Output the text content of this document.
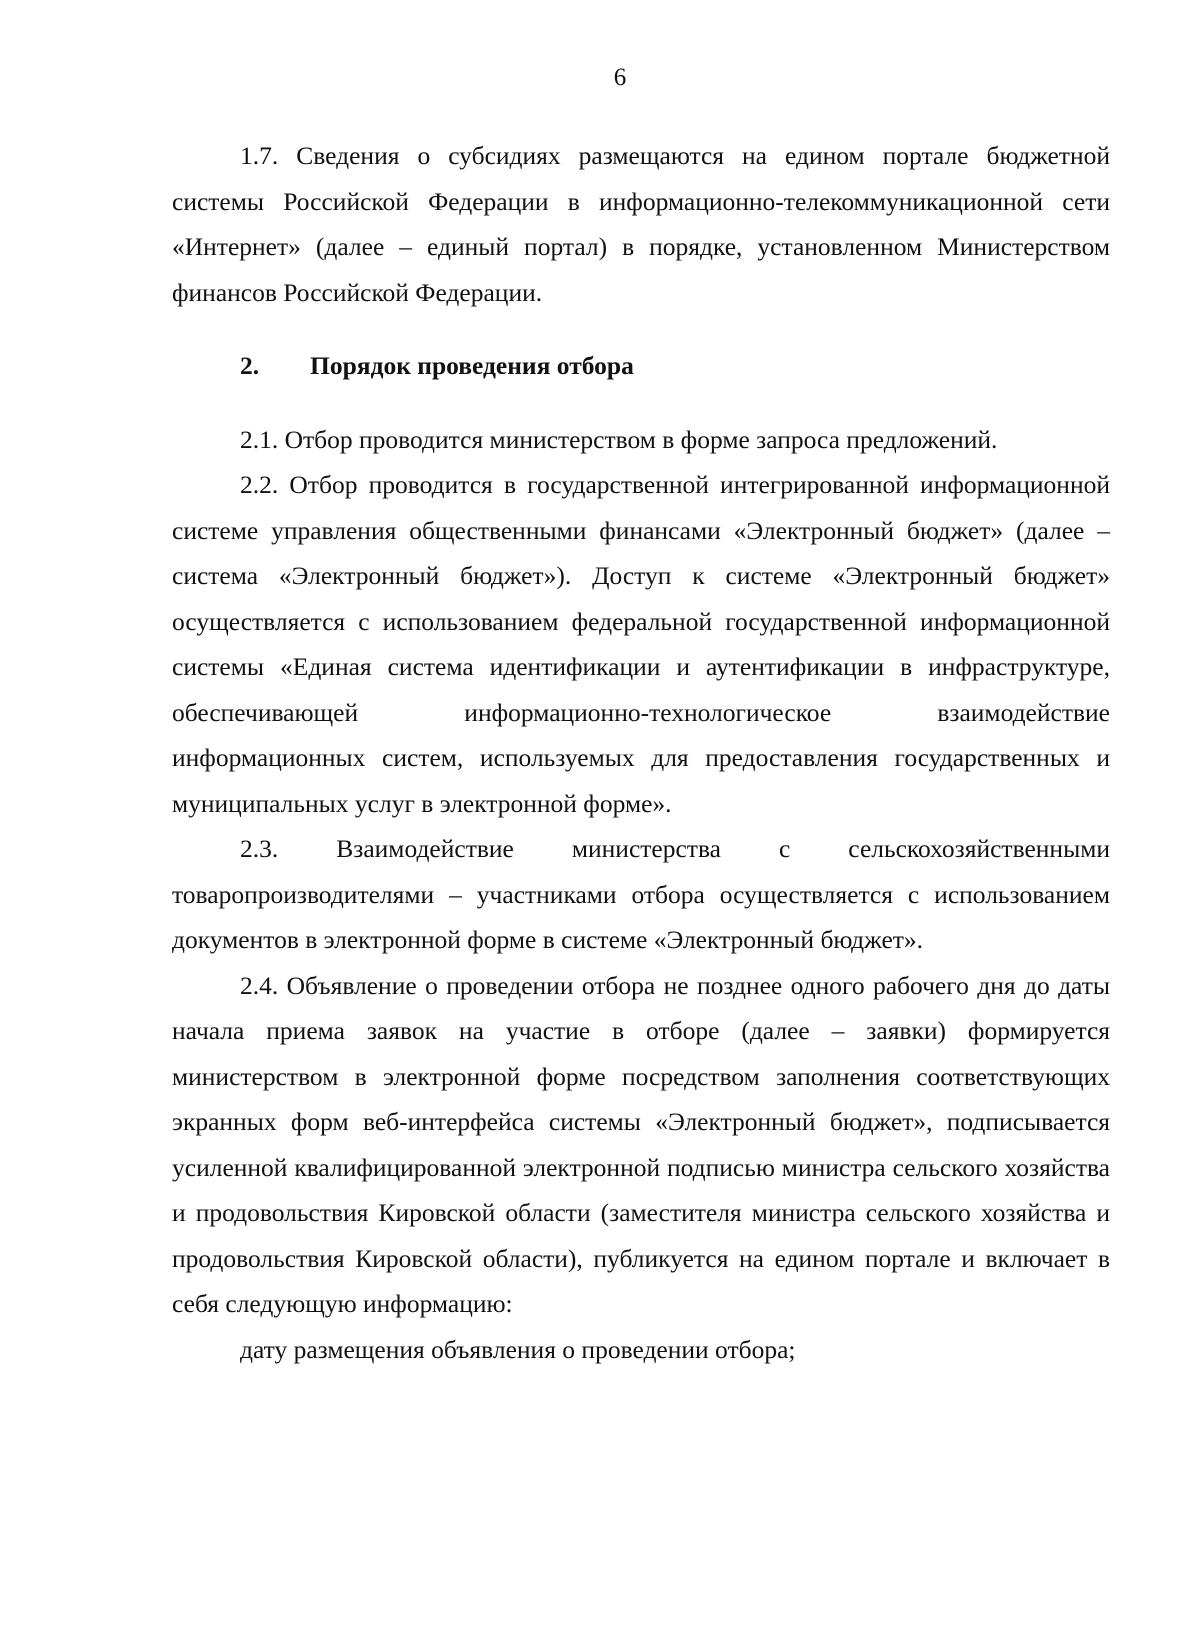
6

1.7. Сведения о субсидиях размещаются на едином портале бюджетной системы Российской Федерации в информационно-телекоммуникационной сети «Интернет» (далее – единый портал) в порядке, установленном Министерством финансов Российской Федерации.

2.	Порядок проведения отбора

2.1. Отбор проводится министерством в форме запроса предложений.

2.2. Отбор проводится в государственной интегрированной информационной системе управления общественными финансами «Электронный бюджет» (далее – система «Электронный бюджет»). Доступ к системе «Электронный бюджет» осуществляется с использованием федеральной государственной информационной системы «Единая система идентификации и аутентификации в инфраструктуре, обеспечивающей информационно-технологическое взаимодействие информационных систем, используемых для предоставления государственных и муниципальных услуг в электронной форме».

2.3. Взаимодействие министерства с сельскохозяйственными товаропроизводителями – участниками отбора осуществляется с использованием документов в электронной форме в системе «Электронный бюджет».

2.4. Объявление о проведении отбора не позднее одного рабочего дня до даты начала приема заявок на участие в отборе (далее – заявки) формируется министерством в электронной форме посредством заполнения соответствующих экранных форм веб-интерфейса системы «Электронный бюджет», подписывается усиленной квалифицированной электронной подписью министра сельского хозяйства и продовольствия Кировской области (заместителя министра сельского хозяйства и продовольствия Кировской области), публикуется на едином портале и включает в себя следующую информацию:

дату размещения объявления о проведении отбора;
